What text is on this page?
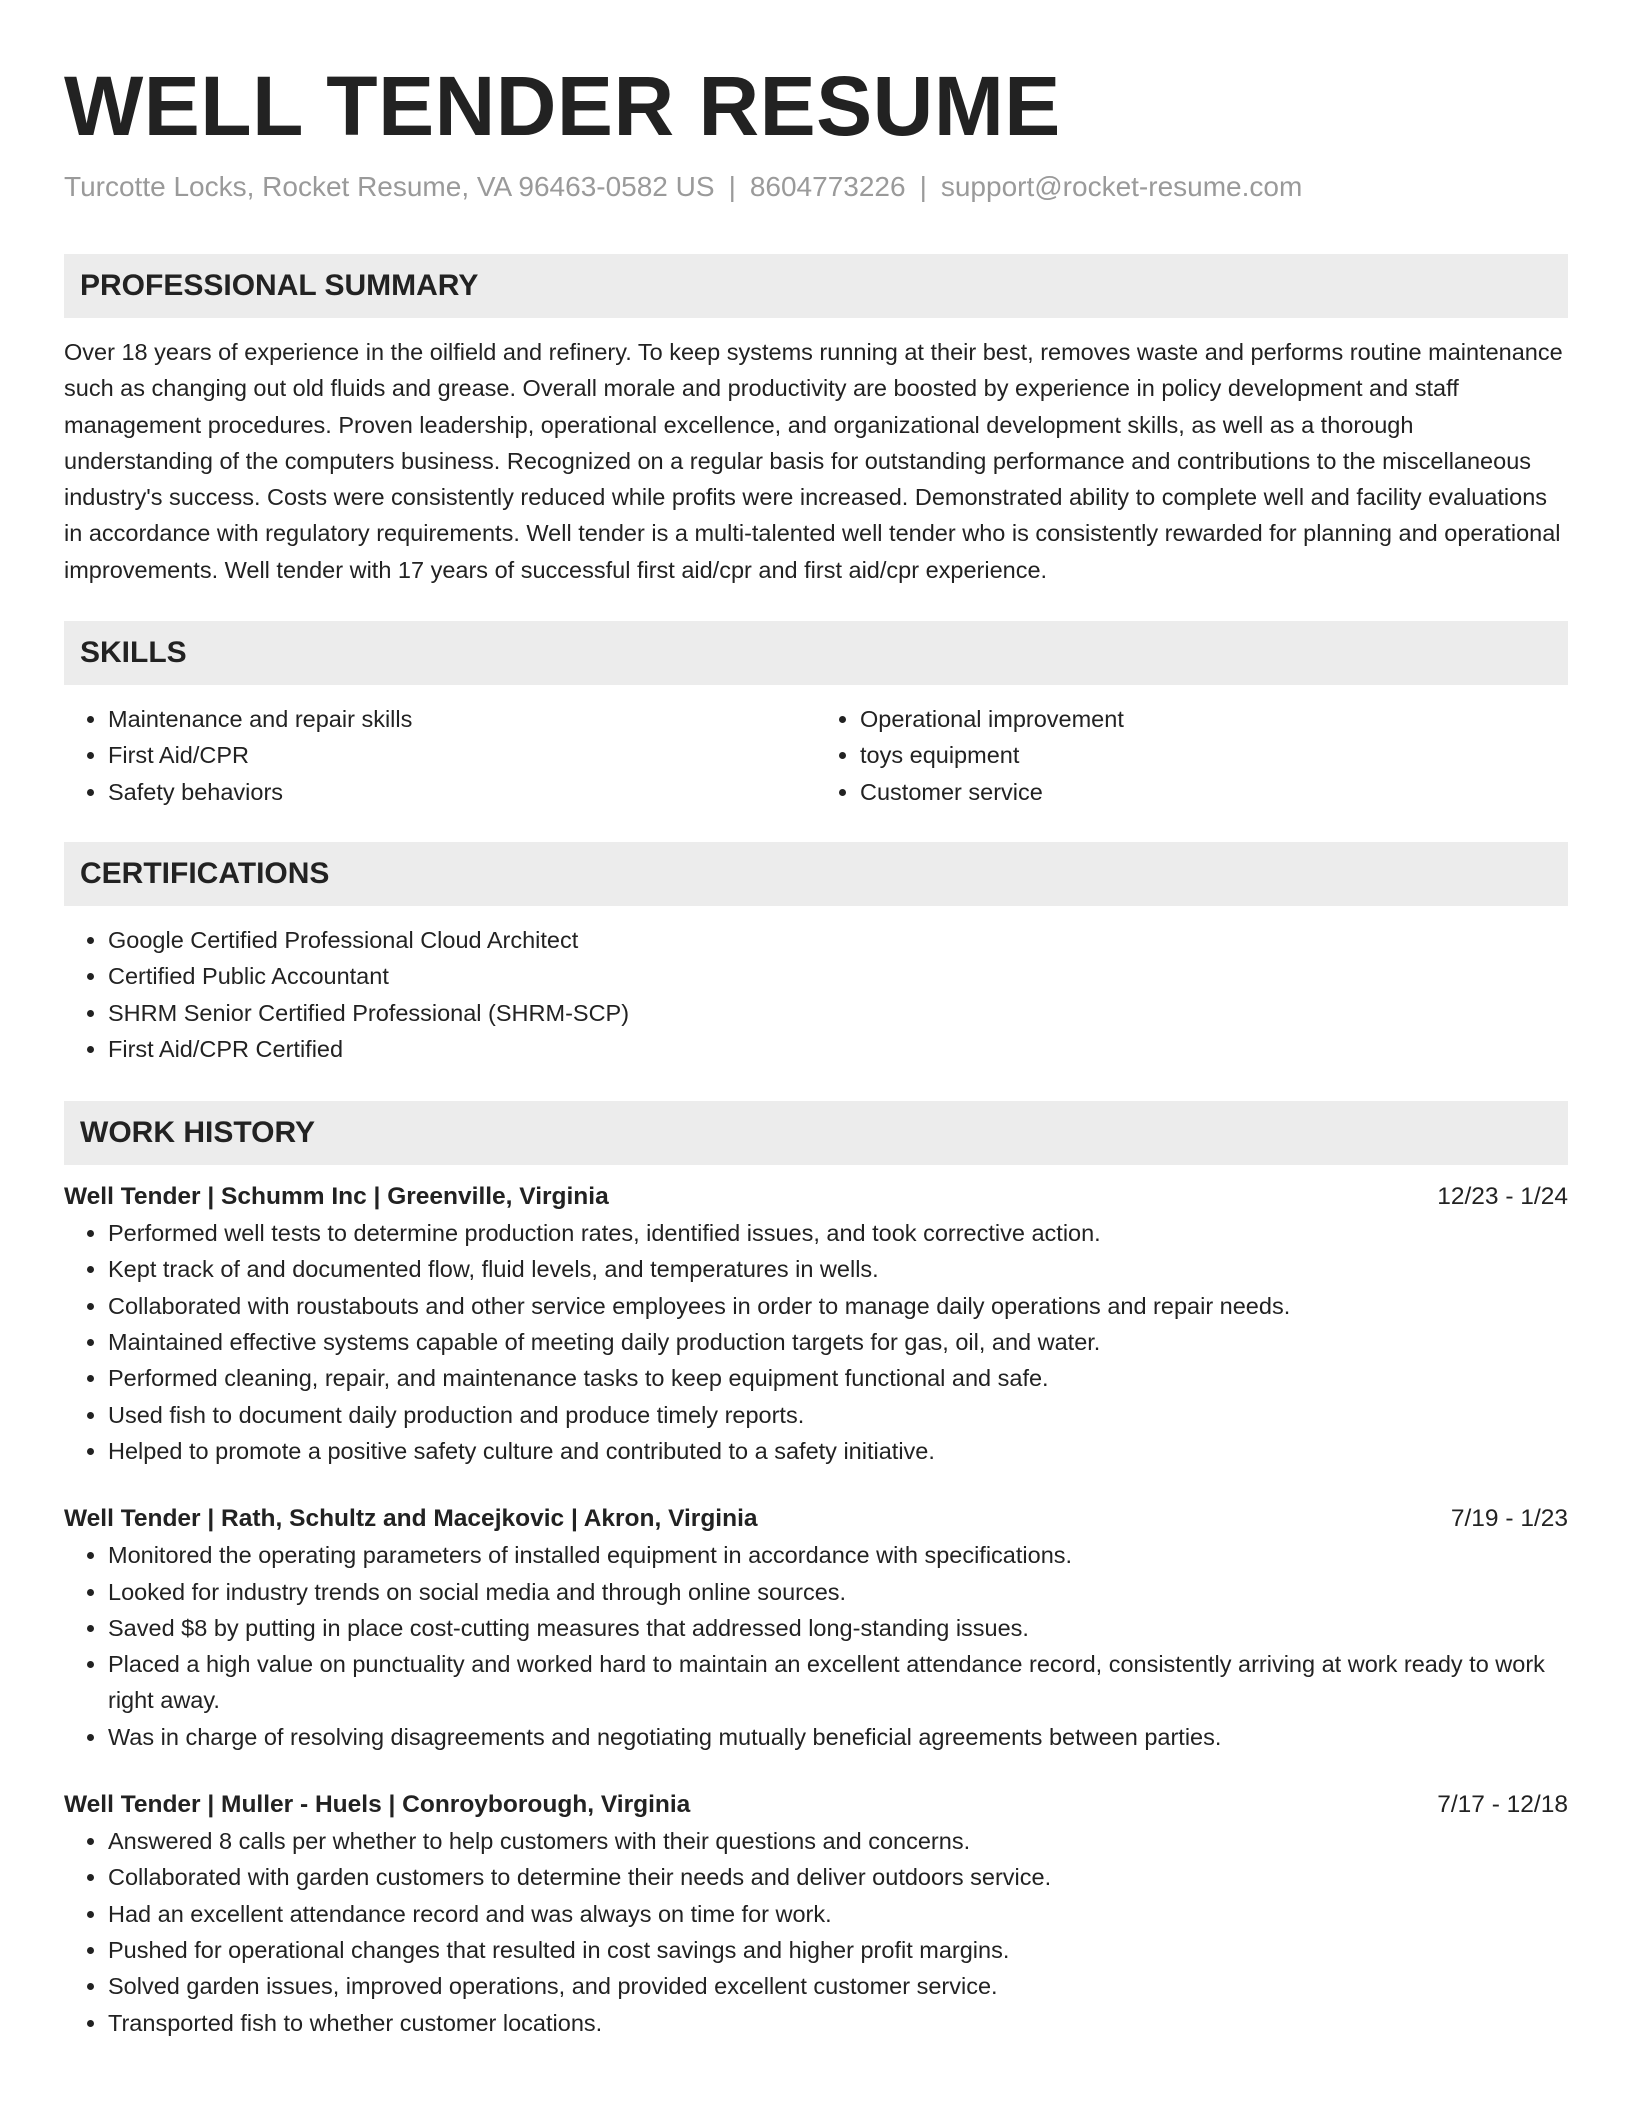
WELL TENDER RESUME
Turcotte Locks, Rocket Resume, VA 96463-0582 US | 8604773226 | support@rocket-resume.com
PROFESSIONAL SUMMARY

Over 18 years of experience in the oilfield and refinery. To keep systems running at their best, removes waste and performs routine maintenance such as changing out old fluids and grease. Overall morale and productivity are boosted by experience in policy development and staff management procedures. Proven leadership, operational excellence, and organizational development skills, as well as a thorough understanding of the computers business. Recognized on a regular basis for outstanding performance and contributions to the miscellaneous industry's success. Costs were consistently reduced while profits were increased. Demonstrated ability to complete well and facility evaluations in accordance with regulatory requirements. Well tender is a multi-talented well tender who is consistently rewarded for planning and operational improvements. Well tender with 17 years of successful first aid/cpr and first aid/cpr experience.

SKILLS
• Maintenance and repair skills
• First Aid/CPR
• Safety behaviors
• Operational improvement
• toys equipment
• Customer service
CERTIFICATIONS
• Google Certified Professional Cloud Architect
• Certified Public Accountant
• SHRM Senior Certified Professional (SHRM-SCP)
• First Aid/CPR Certified
WORK HISTORY
Well Tender | Schumm Inc | Greenville, Virginia	12/23 - 1/24
• Performed well tests to determine production rates, identified issues, and took corrective action.
• Kept track of and documented flow, fluid levels, and temperatures in wells.
• Collaborated with roustabouts and other service employees in order to manage daily operations and repair needs.
• Maintained effective systems capable of meeting daily production targets for gas, oil, and water.
• Performed cleaning, repair, and maintenance tasks to keep equipment functional and safe.
• Used fish to document daily production and produce timely reports.
• Helped to promote a positive safety culture and contributed to a safety initiative.
Well Tender | Rath, Schultz and Macejkovic | Akron, Virginia	7/19 - 1/23
• Monitored the operating parameters of installed equipment in accordance with specifications.
• Looked for industry trends on social media and through online sources.
• Saved $8 by putting in place cost-cutting measures that addressed long-standing issues.
• Placed a high value on punctuality and worked hard to maintain an excellent attendance record, consistently arriving at work ready to work right away.
• Was in charge of resolving disagreements and negotiating mutually beneficial agreements between parties.
Well Tender | Muller - Huels | Conroyborough, Virginia	7/17 - 12/18
• Answered 8 calls per whether to help customers with their questions and concerns.
• Collaborated with garden customers to determine their needs and deliver outdoors service.
• Had an excellent attendance record and was always on time for work.
• Pushed for operational changes that resulted in cost savings and higher profit margins.
• Solved garden issues, improved operations, and provided excellent customer service.
• Transported fish to whether customer locations.
